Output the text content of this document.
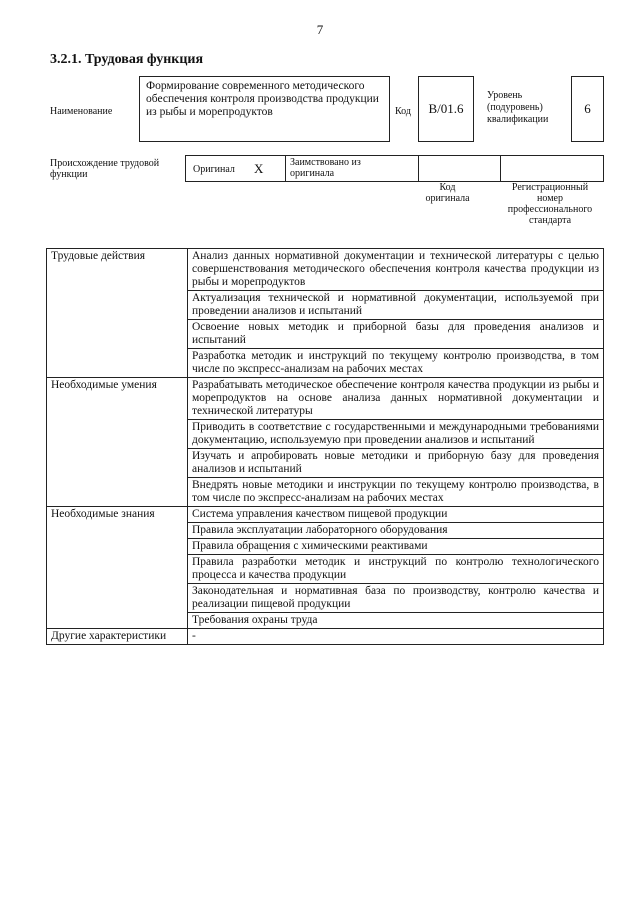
7
3.2.1. Трудовая функция
Наименование
Формирование современного методического обеспечения контроля производства продукции из рыбы и морепродуктов	Код	B/01.6
Уровень (подуровень) квалификации
6
Происхождение трудовой функции	Оригинал X	Заимствовано из оригинала
Код оригинала
Регистрационный номер профессионального стандарта
Трудовые действия	Анализ данных нормативной документации и технической литературы с целью совершенствования методического обеспечения контроля качества продукции из рыбы и морепродуктов
	Актуализация технической и нормативной документации, используемой при проведении анализов и испытаний
	Освоение новых методик и приборной базы для проведения анализов и испытаний
	Разработка методик и инструкций по текущему контролю производства, в том числе по экспресс-анализам на рабочих местах
Необходимые умения	Разрабатывать методическое обеспечение контроля качества продукции из рыбы и морепродуктов на основе анализа данных нормативной документации и технической литературы
	Приводить в соответствие с государственными и международными требованиями документацию, используемую при проведении анализов и испытаний
	Изучать и апробировать новые методики и приборную базу для проведения анализов и испытаний
	Внедрять новые методики и инструкции по текущему контролю производства, в том числе по экспресс-анализам на рабочих местах
Необходимые знания	Система управления качеством пищевой продукции
	Правила эксплуатации лабораторного оборудования
	Правила обращения с химическими реактивами
	Правила разработки методик и инструкций по контролю технологического процесса и качества продукции
	Законодательная и нормативная база по производству, контролю качества и реализации пищевой продукции
	Требования охраны труда
Другие характеристики	-
